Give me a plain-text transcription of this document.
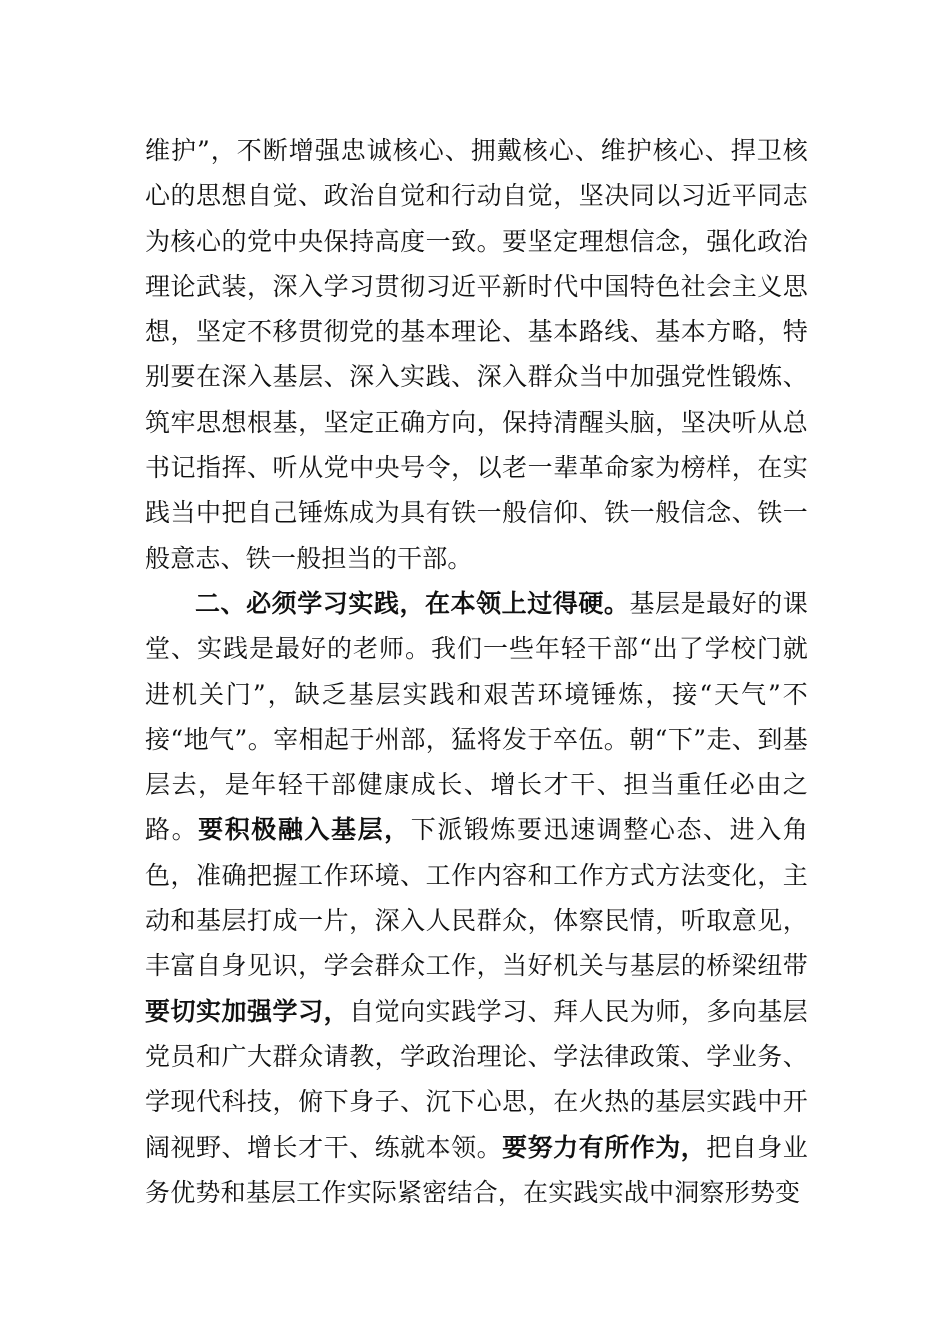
维护”，不断增强忠诚核心、拥戴核心、维护核心、捍卫核心的思想自觉、政治自觉和行动自觉，坚决同以习近平同志为核心的党中央保持高度一致。要坚定理想信念，强化政治理论武装，深入学习贯彻习近平新时代中国特色社会主义思想，坚定不移贯彻党的基本理论、基本路线、基本方略，特别要在深入基层、深入实践、深入群众当中加强党性锻炼、筑牢思想根基，坚定正确方向，保持清醒头脑，坚决听从总书记指挥、听从党中央号令，以老一辈革命家为榜样，在实践当中把自己锤炼成为具有铁一般信仰、铁一般信念、铁一般意志、铁一般担当的干部。

二、必须学习实践，在本领上过得硬。基层是最好的课堂、实践是最好的老师。我们一些年轻干部“出了学校门就进机关门”，缺乏基层实践和艰苦环境锤炼，接“天气”不接“地气”。宰相起于州部，猛将发于卒伍。朝“下”走、到基层去，是年轻干部健康成长、增长才干、担当重任必由之路。要积极融入基层，下派锻炼要迅速调整心态、进入角色，准确把握工作环境、工作内容和工作方式方法变化，主动和基层打成一片，深入人民群众，体察民情，听取意见，丰富自身见识，学会群众工作，当好机关与基层的桥梁纽带要切实加强学习，自觉向实践学习、拜人民为师，多向基层党员和广大群众请教，学政治理论、学法律政策、学业务、学现代科技，俯下身子、沉下心思，在火热的基层实践中开阔视野、增长才干、练就本领。要努力有所作为，把自身业务优势和基层工作实际紧密结合，在实践实战中洞察形势变
